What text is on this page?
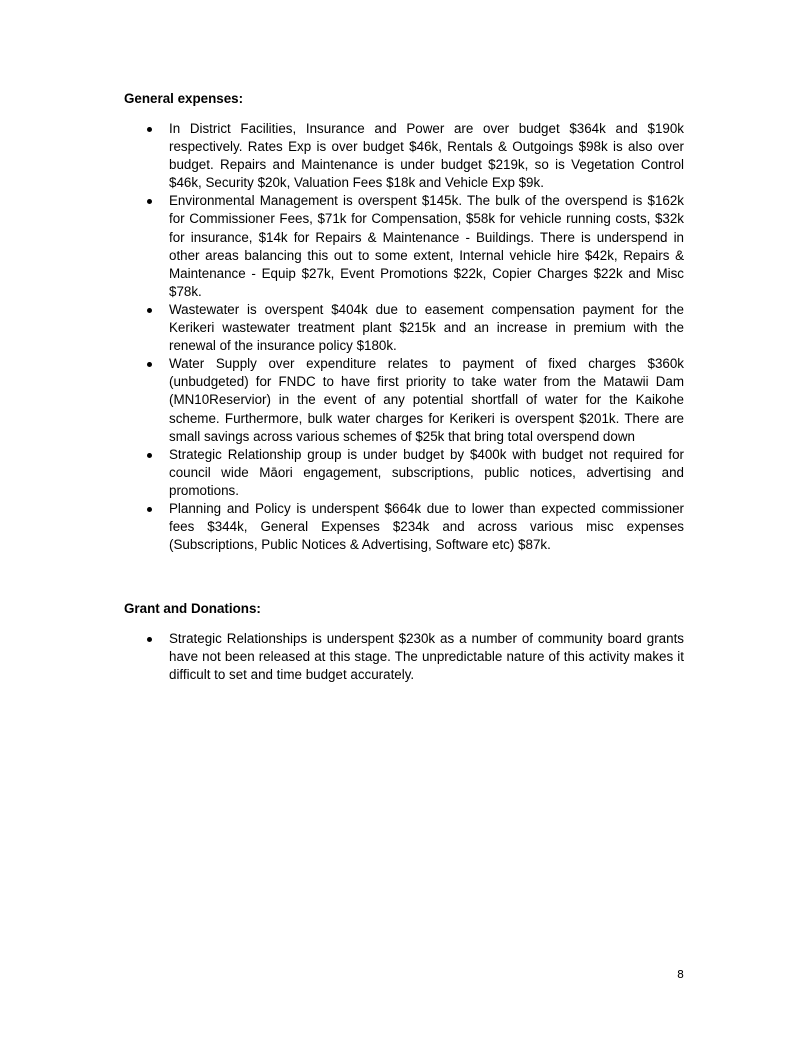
General expenses:
In District Facilities, Insurance and Power are over budget $364k and $190k respectively. Rates Exp is over budget $46k, Rentals & Outgoings $98k is also over budget. Repairs and Maintenance is under budget $219k, so is Vegetation Control $46k, Security $20k, Valuation Fees $18k and Vehicle Exp $9k.
Environmental Management is overspent $145k. The bulk of the overspend is $162k for Commissioner Fees, $71k for Compensation, $58k for vehicle running costs, $32k for insurance, $14k for Repairs & Maintenance - Buildings. There is underspend in other areas balancing this out to some extent, Internal vehicle hire $42k, Repairs & Maintenance - Equip $27k, Event Promotions $22k, Copier Charges $22k and Misc $78k.
Wastewater is overspent $404k due to easement compensation payment for the Kerikeri wastewater treatment plant $215k and an increase in premium with the renewal of the insurance policy $180k.
Water Supply over expenditure relates to payment of fixed charges $360k (unbudgeted) for FNDC to have first priority to take water from the Matawii Dam (MN10Reservior) in the event of any potential shortfall of water for the Kaikohe scheme. Furthermore, bulk water charges for Kerikeri is overspent $201k. There are small savings across various schemes of $25k that bring total overspend down
Strategic Relationship group is under budget by $400k with budget not required for council wide Māori engagement, subscriptions, public notices, advertising and promotions.
Planning and Policy is underspent $664k due to lower than expected commissioner fees $344k, General Expenses $234k and across various misc expenses (Subscriptions, Public Notices & Advertising, Software etc) $87k.
Grant and Donations:
Strategic Relationships is underspent $230k as a number of community board grants have not been released at this stage. The unpredictable nature of this activity makes it difficult to set and time budget accurately.
8
